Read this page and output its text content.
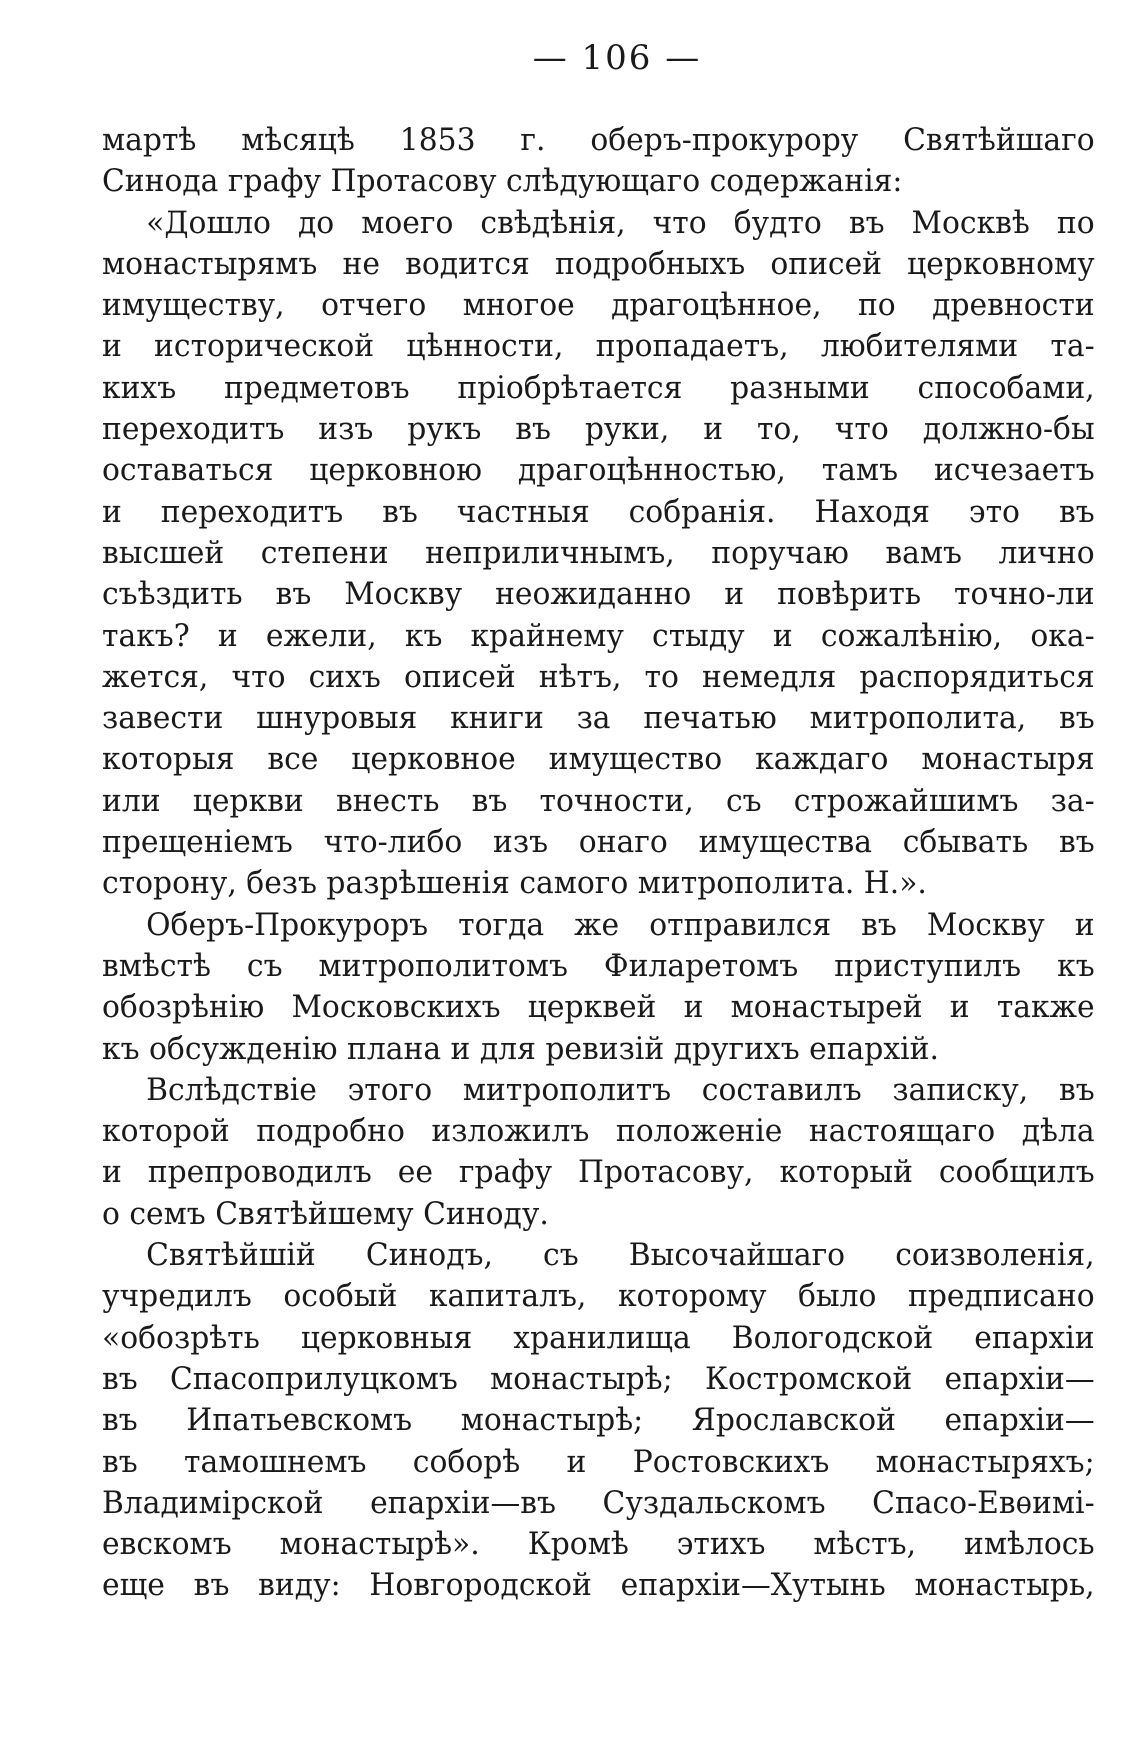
— 106 —
мартѣ мѣсяцѣ 1853 г. оберъ-прокурору Святѣйшаго
Синода графу Протасову слѣдующаго содержанія:
«Дошло до моего свѣдѣнія, что будто въ Москвѣ по
монастырямъ не водится подробныхъ описей церковному
имуществу, отчего многое драгоцѣнное, по древности
и исторической цѣнности, пропадаетъ, любителями та-
кихъ предметовъ пріобрѣтается разными способами,
переходитъ изъ рукъ въ руки, и то, что должно-бы
оставаться церковною драгоцѣнностью, тамъ исчезаетъ
и переходитъ въ частныя собранія. Находя это въ
высшей степени неприличнымъ, поручаю вамъ лично
съѣздить въ Москву неожиданно и повѣрить точно-ли
такъ? и ежели, къ крайнему стыду и сожалѣнію, ока-
жется, что сихъ описей нѣтъ, то немедля распорядиться
завести шнуровыя книги за печатью митрополита, въ
которыя все церковное имущество каждаго монастыря
или церкви внесть въ точности, съ строжайшимъ за-
прещеніемъ что-либо изъ онаго имущества сбывать въ
сторону, безъ разрѣшенія самого митрополита. Н.».
Оберъ-Прокуроръ тогда же отправился въ Москву и
вмѣстѣ съ митрополитомъ Филаретомъ приступилъ къ
обозрѣнію Московскихъ церквей и монастырей и также
къ обсужденію плана и для ревизій другихъ епархій.
Вслѣдствіе этого митрополитъ составилъ записку, въ
которой подробно изложилъ положеніе настоящаго дѣла
и препроводилъ ее графу Протасову, который сообщилъ
о семъ Святѣйшему Синоду.
Святѣйшій Синодъ, съ Высочайшаго соизволенія,
учредилъ особый капиталъ, которому было предписано
«обозрѣть церковныя хранилища Вологодской епархіи
въ Спасоприлуцкомъ монастырѣ; Костромской епархіи—
въ Ипатьевскомъ монастырѣ; Ярославской епархіи—
въ тамошнемъ соборѣ и Ростовскихъ монастыряхъ;
Владимірской епархіи—въ Суздальскомъ Спасо-Евѳимі-
евскомъ монастырѣ». Кромѣ этихъ мѣстъ, имѣлось
еще въ виду: Новгородской епархіи—Хутынь монастырь,
